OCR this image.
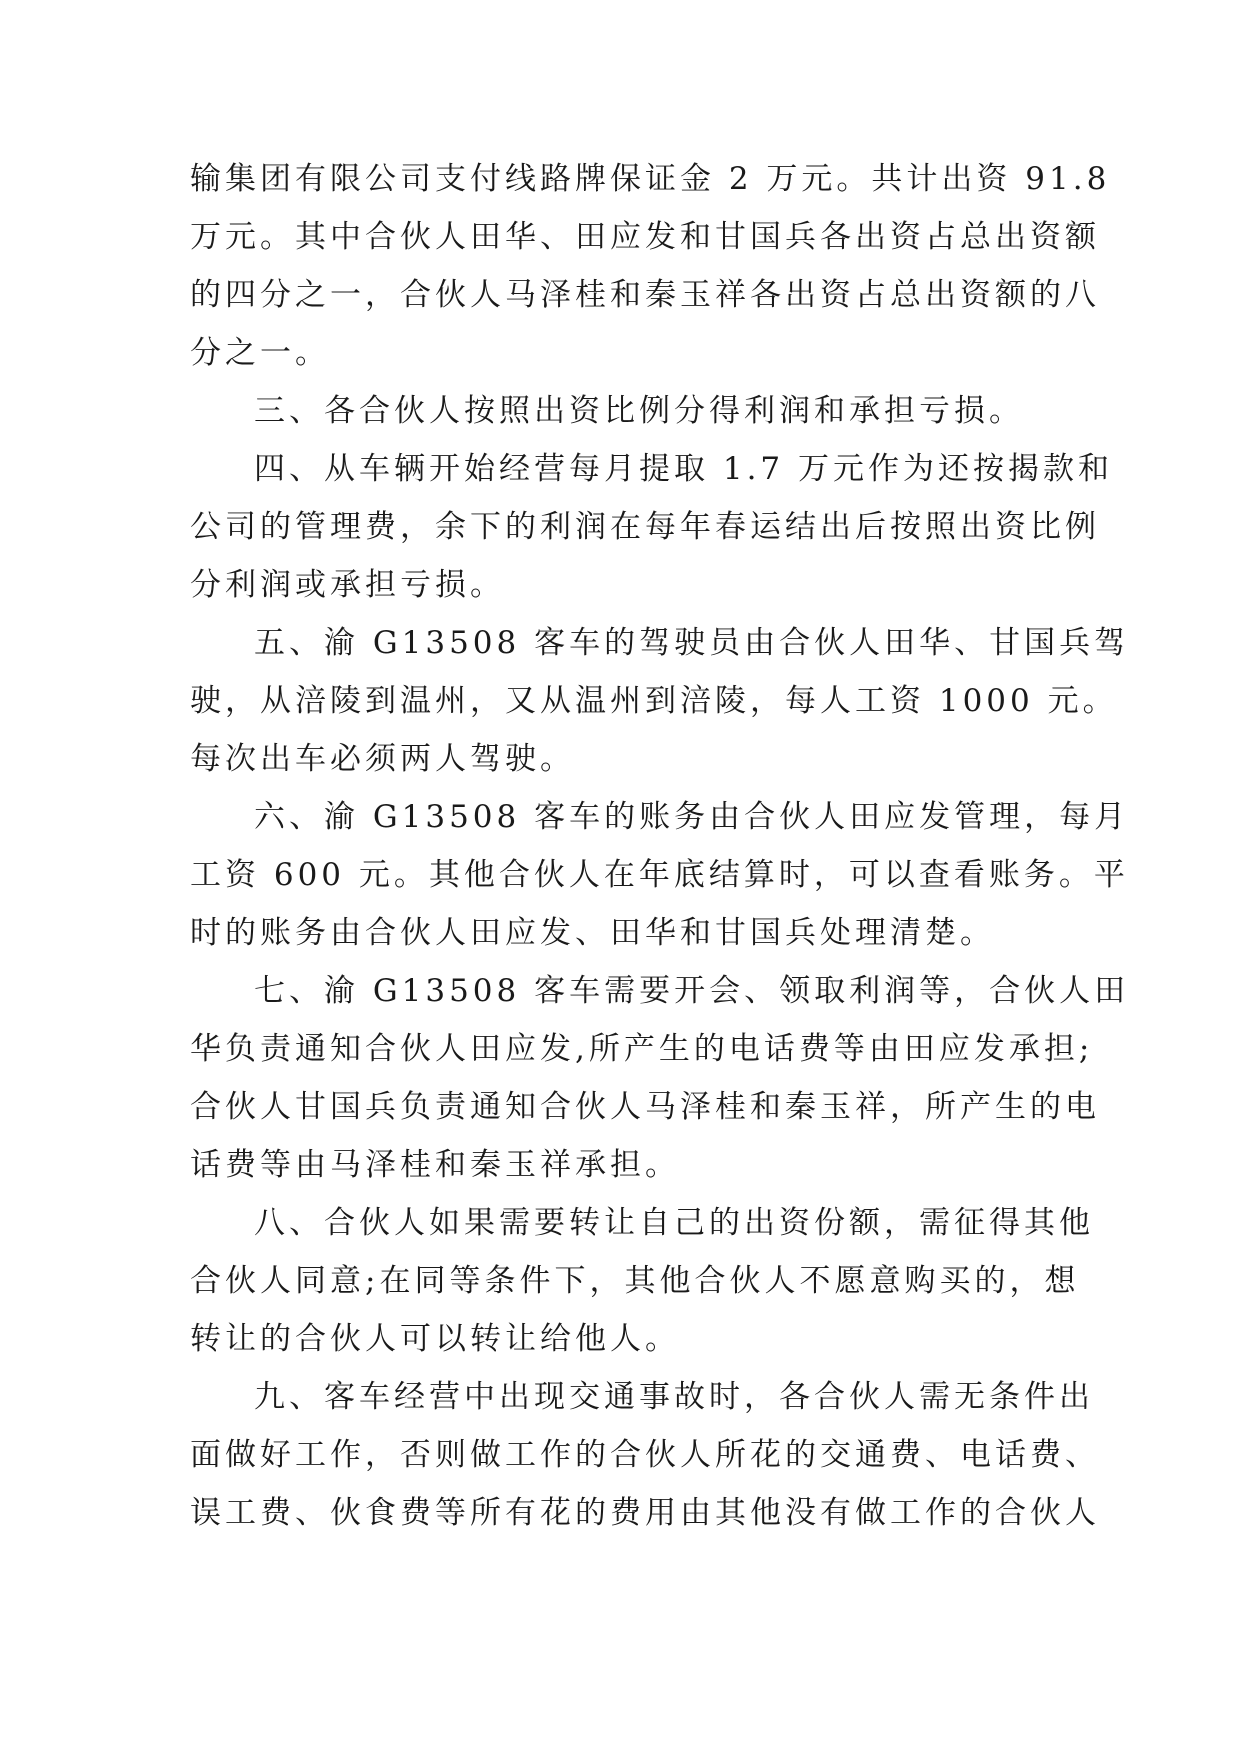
输集团有限公司支付线路牌保证金 2 万元。共计出资 91.8
万元。其中合伙人田华、田应发和甘国兵各出资占总出资额
的四分之一，合伙人马泽桂和秦玉祥各出资占总出资额的八
分之一。
三、各合伙人按照出资比例分得利润和承担亏损。
四、从车辆开始经营每月提取 1.7 万元作为还按揭款和
公司的管理费，余下的利润在每年春运结出后按照出资比例
分利润或承担亏损。
五、渝 G13508 客车的驾驶员由合伙人田华、甘国兵驾
驶，从涪陵到温州，又从温州到涪陵，每人工资 1000 元。
每次出车必须两人驾驶。
六、渝 G13508 客车的账务由合伙人田应发管理，每月
工资 600 元。其他合伙人在年底结算时，可以查看账务。平
时的账务由合伙人田应发、田华和甘国兵处理清楚。
七、渝 G13508 客车需要开会、领取利润等，合伙人田
华负责通知合伙人田应发,所产生的电话费等由田应发承担;
合伙人甘国兵负责通知合伙人马泽桂和秦玉祥，所产生的电
话费等由马泽桂和秦玉祥承担。
八、合伙人如果需要转让自己的出资份额，需征得其他
合伙人同意;在同等条件下，其他合伙人不愿意购买的，想
转让的合伙人可以转让给他人。
九、客车经营中出现交通事故时，各合伙人需无条件出
面做好工作，否则做工作的合伙人所花的交通费、电话费、
误工费、伙食费等所有花的费用由其他没有做工作的合伙人
